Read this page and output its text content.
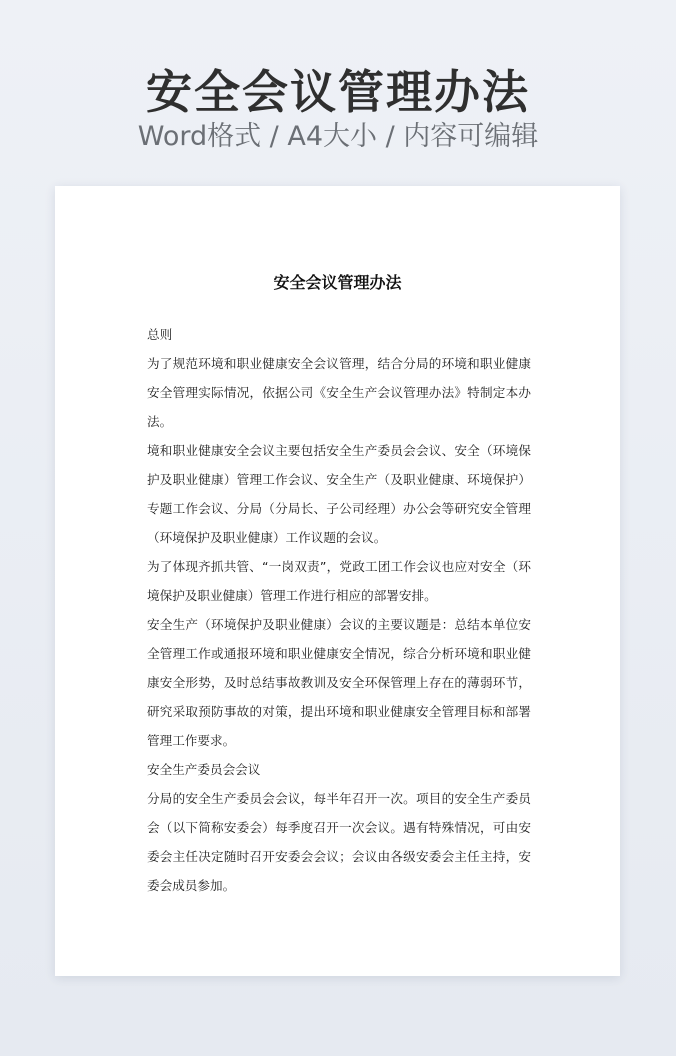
安全会议管理办法
Word格式 / A4大小 / 内容可编辑
安全会议管理办法

总则

为了规范环境和职业健康安全会议管理，结合分局的环境和职业健康安全管理实际情况，依据公司《安全生产会议管理办法》特制定本办法。

境和职业健康安全会议主要包括安全生产委员会会议、安全（环境保护及职业健康）管理工作会议、安全生产（及职业健康、环境保护）专题工作会议、分局（分局长、子公司经理）办公会等研究安全管理（环境保护及职业健康）工作议题的会议。

为了体现齐抓共管、“一岗双责”，党政工团工作会议也应对安全（环境保护及职业健康）管理工作进行相应的部署安排。

安全生产（环境保护及职业健康）会议的主要议题是：总结本单位安全管理工作或通报环境和职业健康安全情况，综合分析环境和职业健康安全形势，及时总结事故教训及安全环保管理上存在的薄弱环节，研究采取预防事故的对策，提出环境和职业健康安全管理目标和部署管理工作要求。

安全生产委员会会议

分局的安全生产委员会会议，每半年召开一次。项目的安全生产委员会（以下简称安委会）每季度召开一次会议。遇有特殊情况，可由安委会主任决定随时召开安委会会议；会议由各级安委会主任主持，安委会成员参加。
